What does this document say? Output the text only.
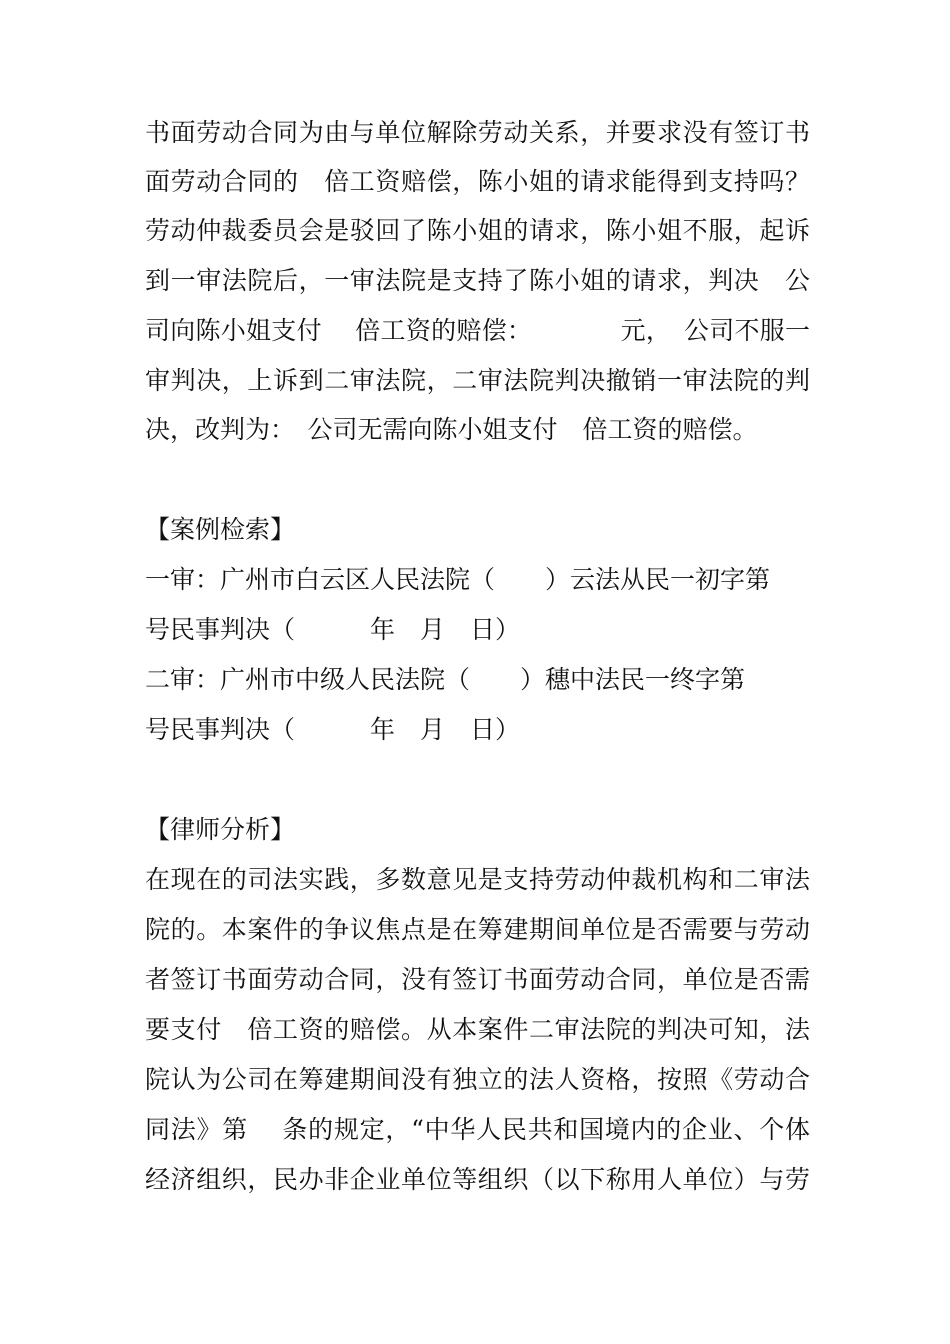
书面劳动合同为由与单位解除劳动关系，并要求没有签订书
面劳动合同的　倍工资赔偿，陈小姐的请求能得到支持吗？
劳动仲裁委员会是驳回了陈小姐的请求，陈小姐不服，起诉
到一审法院后，一审法院是支持了陈小姐的请求，判决　公
司向陈小姐支付　 倍工资的赔偿：　　　　元，　公司不服一
审判决，上诉到二审法院，二审法院判决撤销一审法院的判
决，改判为：　公司无需向陈小姐支付　倍工资的赔偿。
【案例检索】
一审：广州市白云区人民法院（　　）云法从民一初字第
号民事判决（　　　年　月　日）
二审：广州市中级人民法院（　　）穗中法民一终字第
号民事判决（　　　年　月　日）
【律师分析】
在现在的司法实践，多数意见是支持劳动仲裁机构和二审法
院的。本案件的争议焦点是在筹建期间单位是否需要与劳动
者签订书面劳动合同，没有签订书面劳动合同，单位是否需
要支付　倍工资的赔偿。从本案件二审法院的判决可知，法
院认为公司在筹建期间没有独立的法人资格，按照《劳动合
同法》第　 条的规定，“中华人民共和国境内的企业、个体
经济组织，民办非企业单位等组织（以下称用人单位）与劳
